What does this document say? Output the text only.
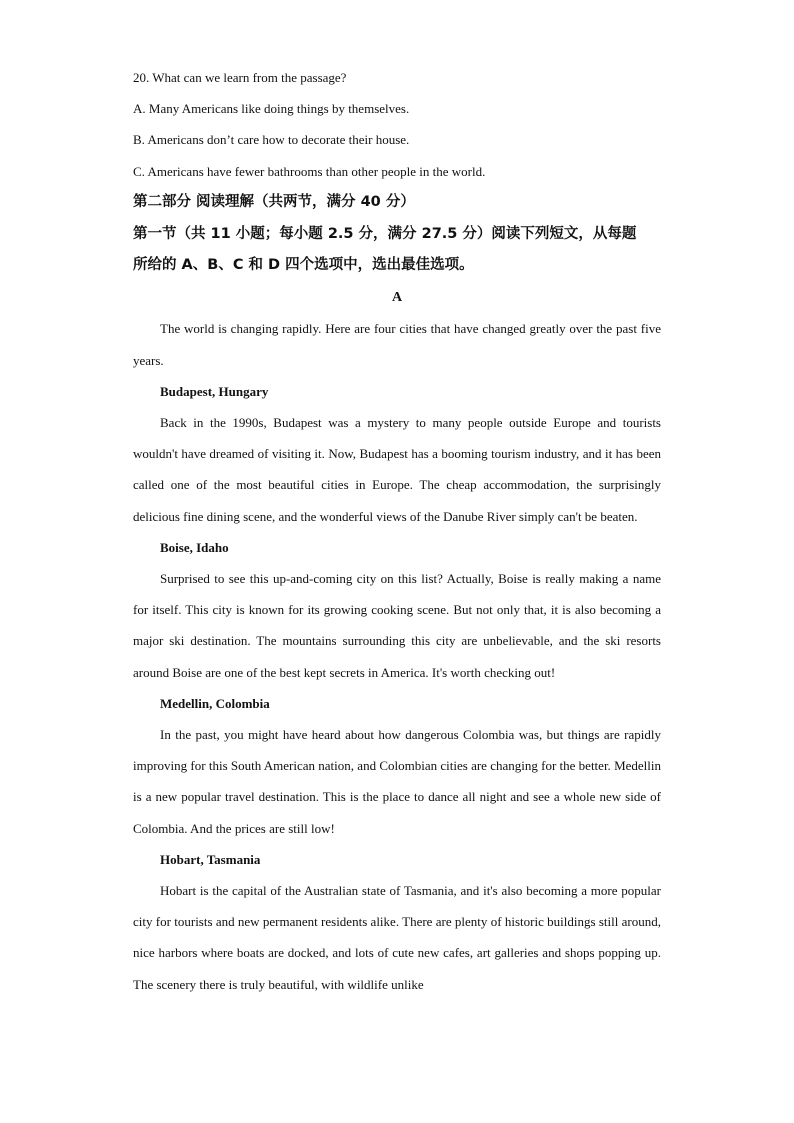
20. What can we learn from the passage?

A. Many Americans like doing things by themselves.

B. Americans don’t care how to decorate their house.

C. Americans have fewer bathrooms than other people in the world.

第二部分 阅读理解（共两节，满分 40 分）

第一节（共 11 小题；每小题 2.5 分，满分 27.5 分）阅读下列短文，从每题

所给的 A、B、C 和 D 四个选项中，选出最佳选项。

A

The world is changing rapidly. Here are four cities that have changed greatly over the past five years.

Budapest, Hungary

Back in the 1990s, Budapest was a mystery to many people outside Europe and tourists wouldn't have dreamed of visiting it. Now, Budapest has a booming tourism industry, and it has been called one of the most beautiful cities in Europe. The cheap accommodation, the surprisingly delicious fine dining scene, and the wonderful views of the Danube River simply can't be beaten.

Boise, Idaho

Surprised to see this up-and-coming city on this list? Actually, Boise is really making a name for itself. This city is known for its growing cooking scene. But not only that, it is also becoming a major ski destination. The mountains surrounding this city are unbelievable, and the ski resorts around Boise are one of the best kept secrets in America. It's worth checking out!

Medellin, Colombia

In the past, you might have heard about how dangerous Colombia was, but things are rapidly improving for this South American nation, and Colombian cities are changing for the better. Medellin is a new popular travel destination. This is the place to dance all night and see a whole new side of Colombia. And the prices are still low!

Hobart, Tasmania

Hobart is the capital of the Australian state of Tasmania, and it's also becoming a more popular city for tourists and new permanent residents alike. There are plenty of historic buildings still around, nice harbors where boats are docked, and lots of cute new cafes, art galleries and shops popping up. The scenery there is truly beautiful, with wildlife unlike
